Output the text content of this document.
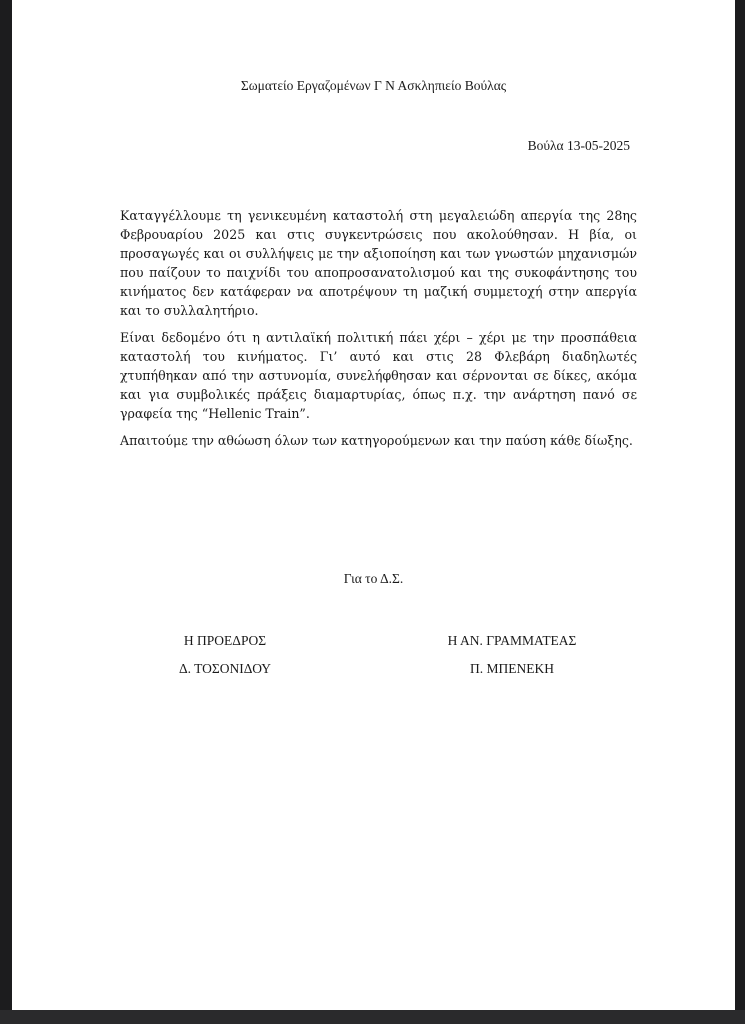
Σωματείο Εργαζομένων Γ Ν Ασκληπιείο Βούλας
Βούλα 13-05-2025

Καταγγέλλουμε τη γενικευμένη καταστολή στη μεγαλειώδη απεργία της 28ης Φεβρουαρίου 2025 και στις συγκεντρώσεις που ακολούθησαν. Η βία, οι προσαγωγές και οι συλλήψεις με την αξιοποίηση και των γνωστών μηχανισμών που παίζουν το παιχνίδι του αποπροσανατολισμού και της συκοφάντησης του κινήματος δεν κατάφεραν να αποτρέψουν τη μαζική συμμετοχή στην απεργία και το συλλαλητήριο.

Είναι δεδομένο ότι η αντιλαϊκή πολιτική πάει χέρι – χέρι με την προσπάθεια καταστολή του κινήματος. Γι’ αυτό και στις 28 Φλεβάρη διαδηλωτές χτυπήθηκαν από την αστυνομία, συνελήφθησαν και σέρνονται σε δίκες, ακόμα και για συμβολικές πράξεις διαμαρτυρίας, όπως π.χ. την ανάρτηση πανό σε γραφεία της “Hellenic Train”.

Απαιτούμε την αθώωση όλων των κατηγορούμενων και την παύση κάθε δίωξης.

Για το Δ.Σ.
Η ΠΡΟΕΔΡΟΣ
Δ. ΤΟΣΟΝΙΔΟΥ
Η ΑΝ. ΓΡΑΜΜΑΤΕΑΣ
Π. ΜΠΕΝΕΚΗ
